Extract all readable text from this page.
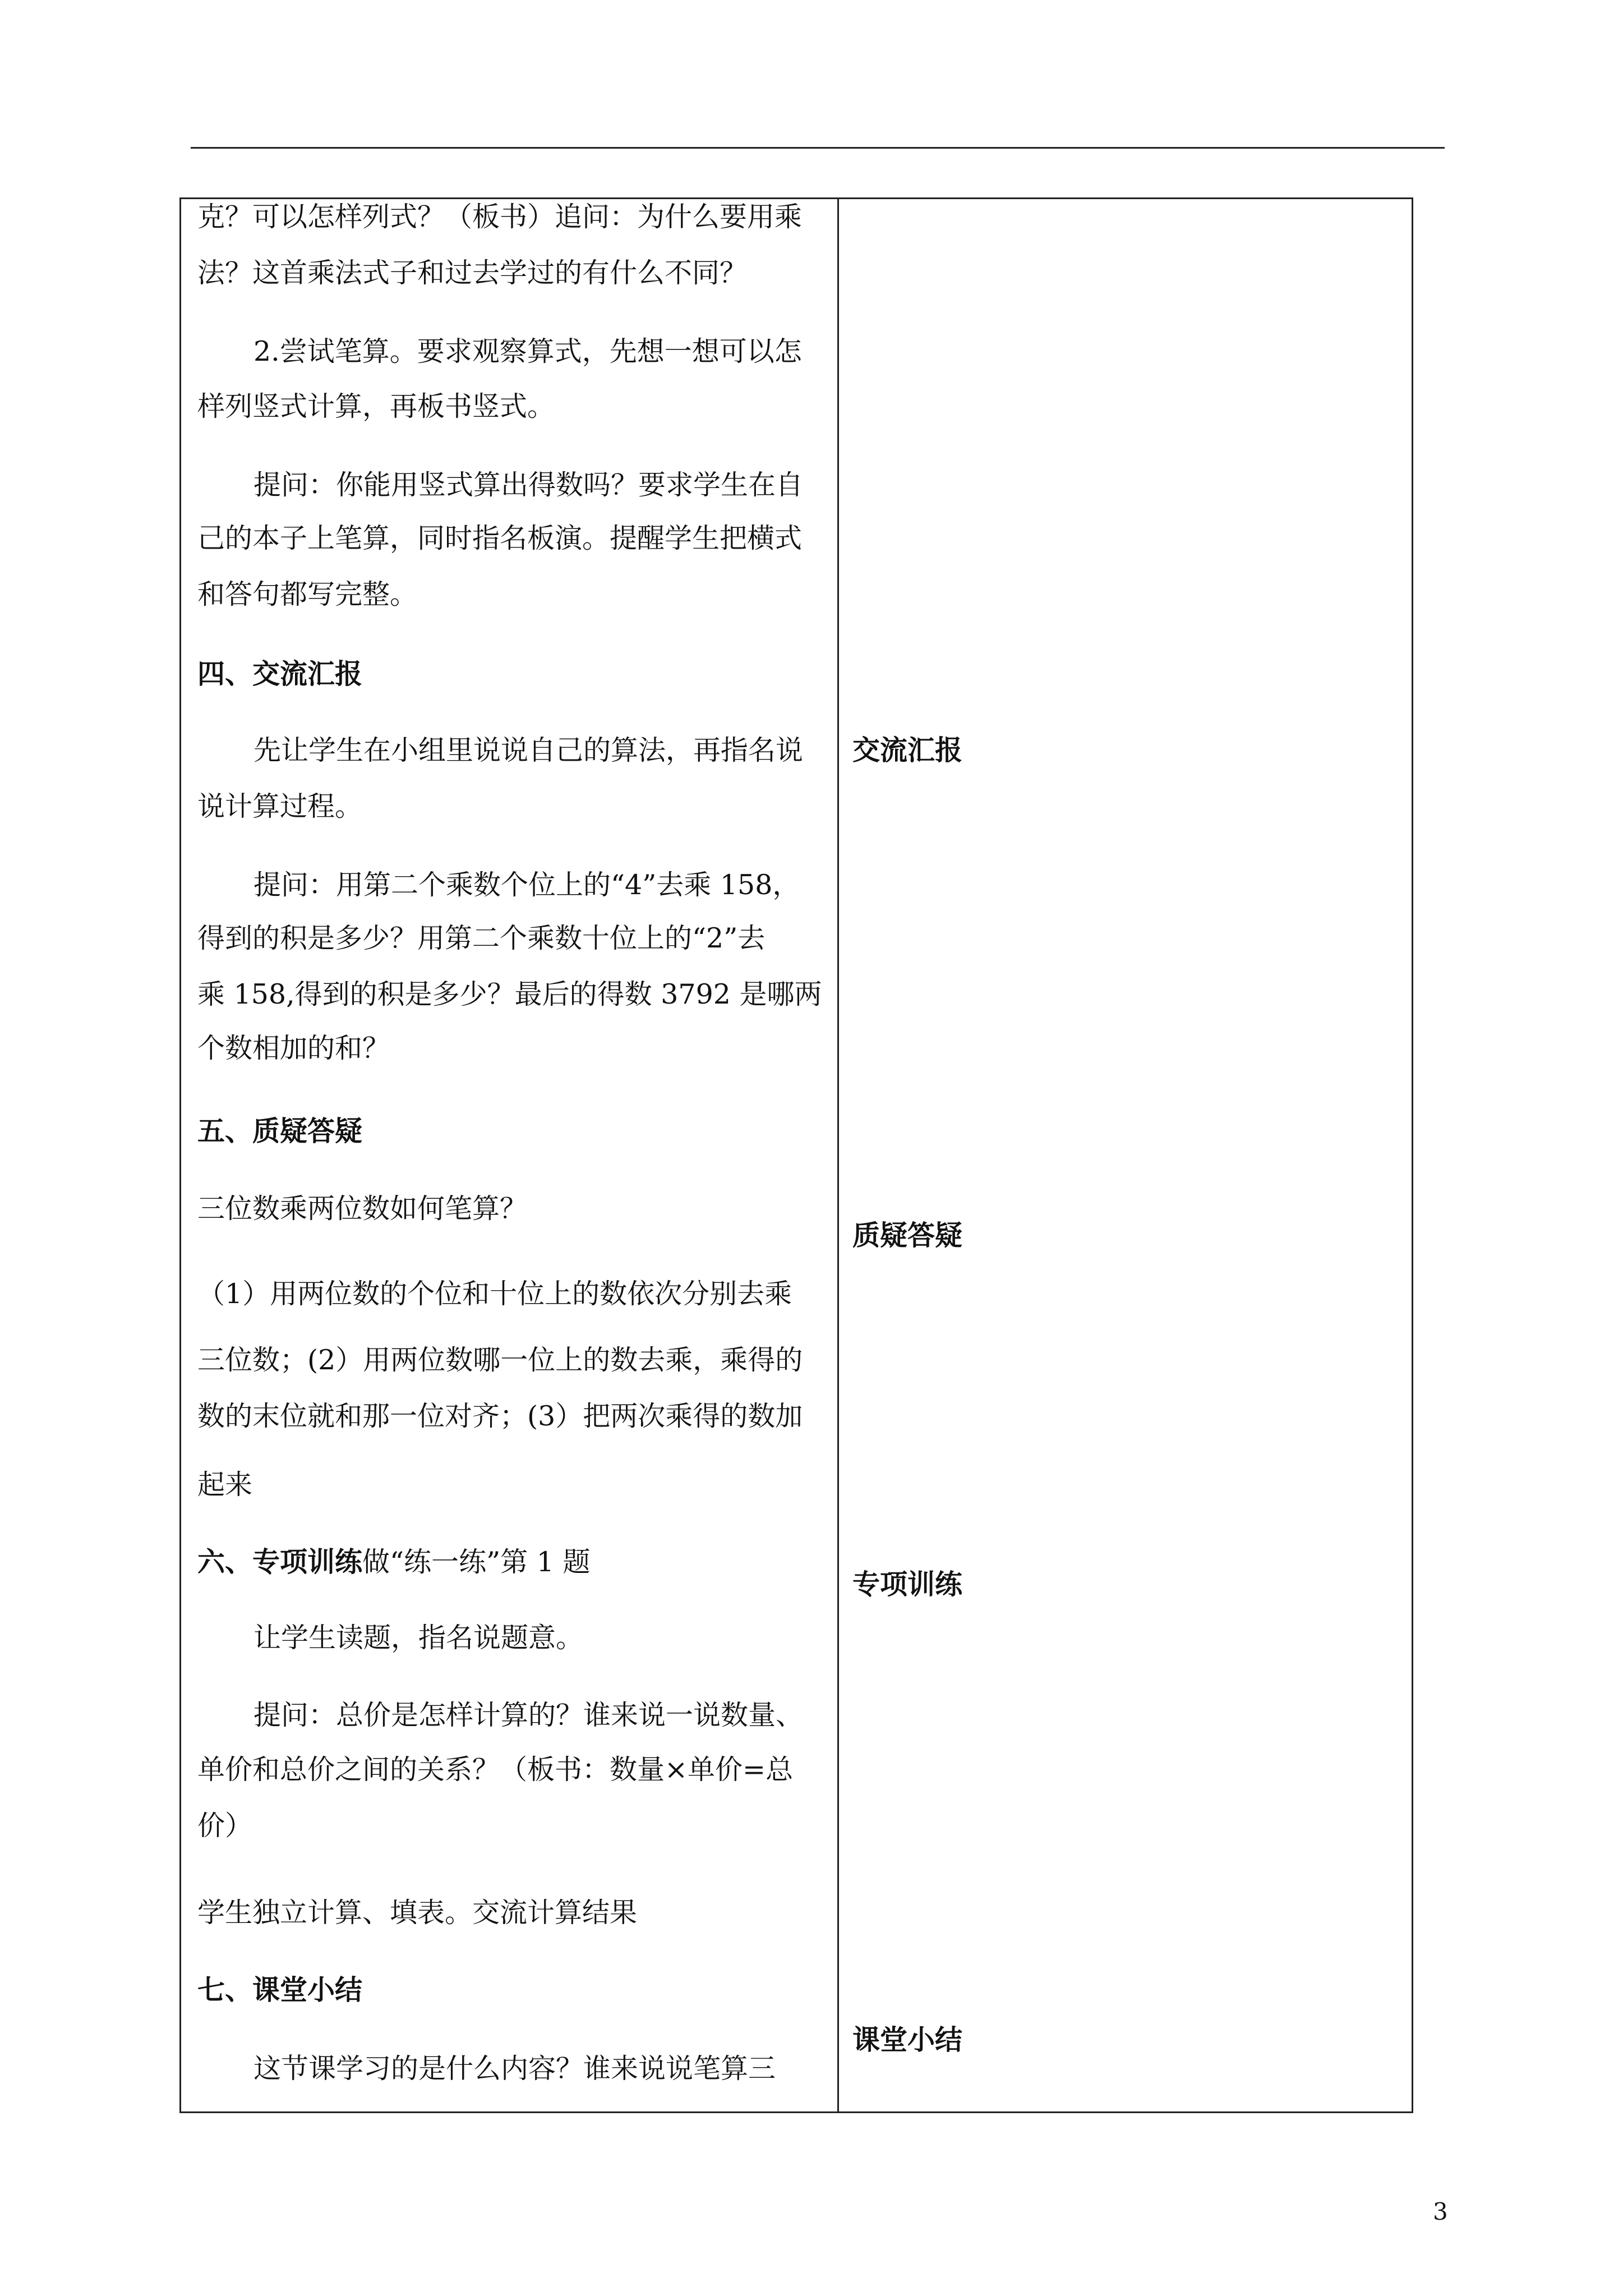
克？可以怎样列式？（板书）追问：为什么要用乘
法？这首乘法式子和过去学过的有什么不同？
2.尝试笔算。要求观察算式，先想一想可以怎
样列竖式计算，再板书竖式。
提问：你能用竖式算出得数吗？要求学生在自
己的本子上笔算，同时指名板演。提醒学生把横式
和答句都写完整。
四、交流汇报
先让学生在小组里说说自己的算法，再指名说
说计算过程。
提问：用第二个乘数个位上的“4”去乘 158，
得到的积是多少？用第二个乘数十位上的“2”去
乘 158,得到的积是多少？最后的得数 3792 是哪两
个数相加的和？
五、质疑答疑
三位数乘两位数如何笔算？
（1）用两位数的个位和十位上的数依次分别去乘
三位数；(2）用两位数哪一位上的数去乘，乘得的
数的末位就和那一位对齐；(3）把两次乘得的数加
起来
六、专项训练做“练一练”第 1 题
让学生读题，指名说题意。
提问：总价是怎样计算的？谁来说一说数量、
单价和总价之间的关系？（板书：数量×单价=总
价）
学生独立计算、填表。交流计算结果
七、课堂小结
这节课学习的是什么内容？谁来说说笔算三
交流汇报
质疑答疑
专项训练
课堂小结
3
